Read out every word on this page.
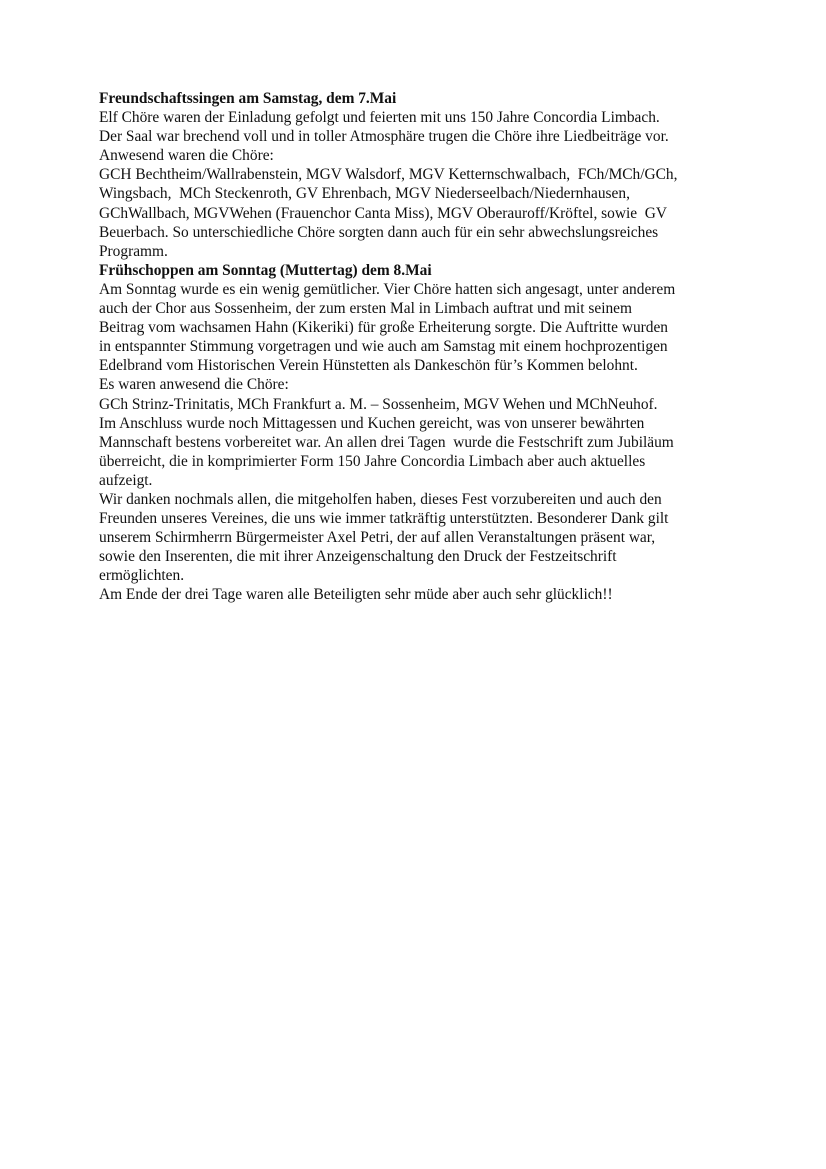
Freundschaftssingen am Samstag, dem 7.Mai
Elf Chöre waren der Einladung gefolgt und feierten mit uns 150 Jahre Concordia Limbach.
Der Saal war brechend voll und in toller Atmosphäre trugen die Chöre ihre Liedbeiträge vor.
Anwesend waren die Chöre:
GCH Bechtheim/Wallrabenstein, MGV Walsdorf, MGV Ketternschwalbach,  FCh/MCh/GCh,
Wingsbach,  MCh Steckenroth, GV Ehrenbach, MGV Niederseelbach/Niedernhausen,
GChWallbach, MGVWehen (Frauenchor Canta Miss), MGV Oberauroff/Kröftel, sowie  GV
Beuerbach. So unterschiedliche Chöre sorgten dann auch für ein sehr abwechslungsreiches
Programm.
Frühschoppen am Sonntag (Muttertag) dem 8.Mai
Am Sonntag wurde es ein wenig gemütlicher. Vier Chöre hatten sich angesagt, unter anderem
auch der Chor aus Sossenheim, der zum ersten Mal in Limbach auftrat und mit seinem
Beitrag vom wachsamen Hahn (Kikeriki) für große Erheiterung sorgte. Die Auftritte wurden
in entspannter Stimmung vorgetragen und wie auch am Samstag mit einem hochprozentigen
Edelbrand vom Historischen Verein Hünstetten als Dankeschön für’s Kommen belohnt.
Es waren anwesend die Chöre:
GCh Strinz-Trinitatis, MCh Frankfurt a. M. – Sossenheim, MGV Wehen und MChNeuhof.
Im Anschluss wurde noch Mittagessen und Kuchen gereicht, was von unserer bewährten
Mannschaft bestens vorbereitet war. An allen drei Tagen  wurde die Festschrift zum Jubiläum
überreicht, die in komprimierter Form 150 Jahre Concordia Limbach aber auch aktuelles
aufzeigt.
Wir danken nochmals allen, die mitgeholfen haben, dieses Fest vorzubereiten und auch den
Freunden unseres Vereines, die uns wie immer tatkräftig unterstützten. Besonderer Dank gilt
unserem Schirmherrn Bürgermeister Axel Petri, der auf allen Veranstaltungen präsent war,
sowie den Inserenten, die mit ihrer Anzeigenschaltung den Druck der Festzeitschrift
ermöglichten.
Am Ende der drei Tage waren alle Beteiligten sehr müde aber auch sehr glücklich!!
